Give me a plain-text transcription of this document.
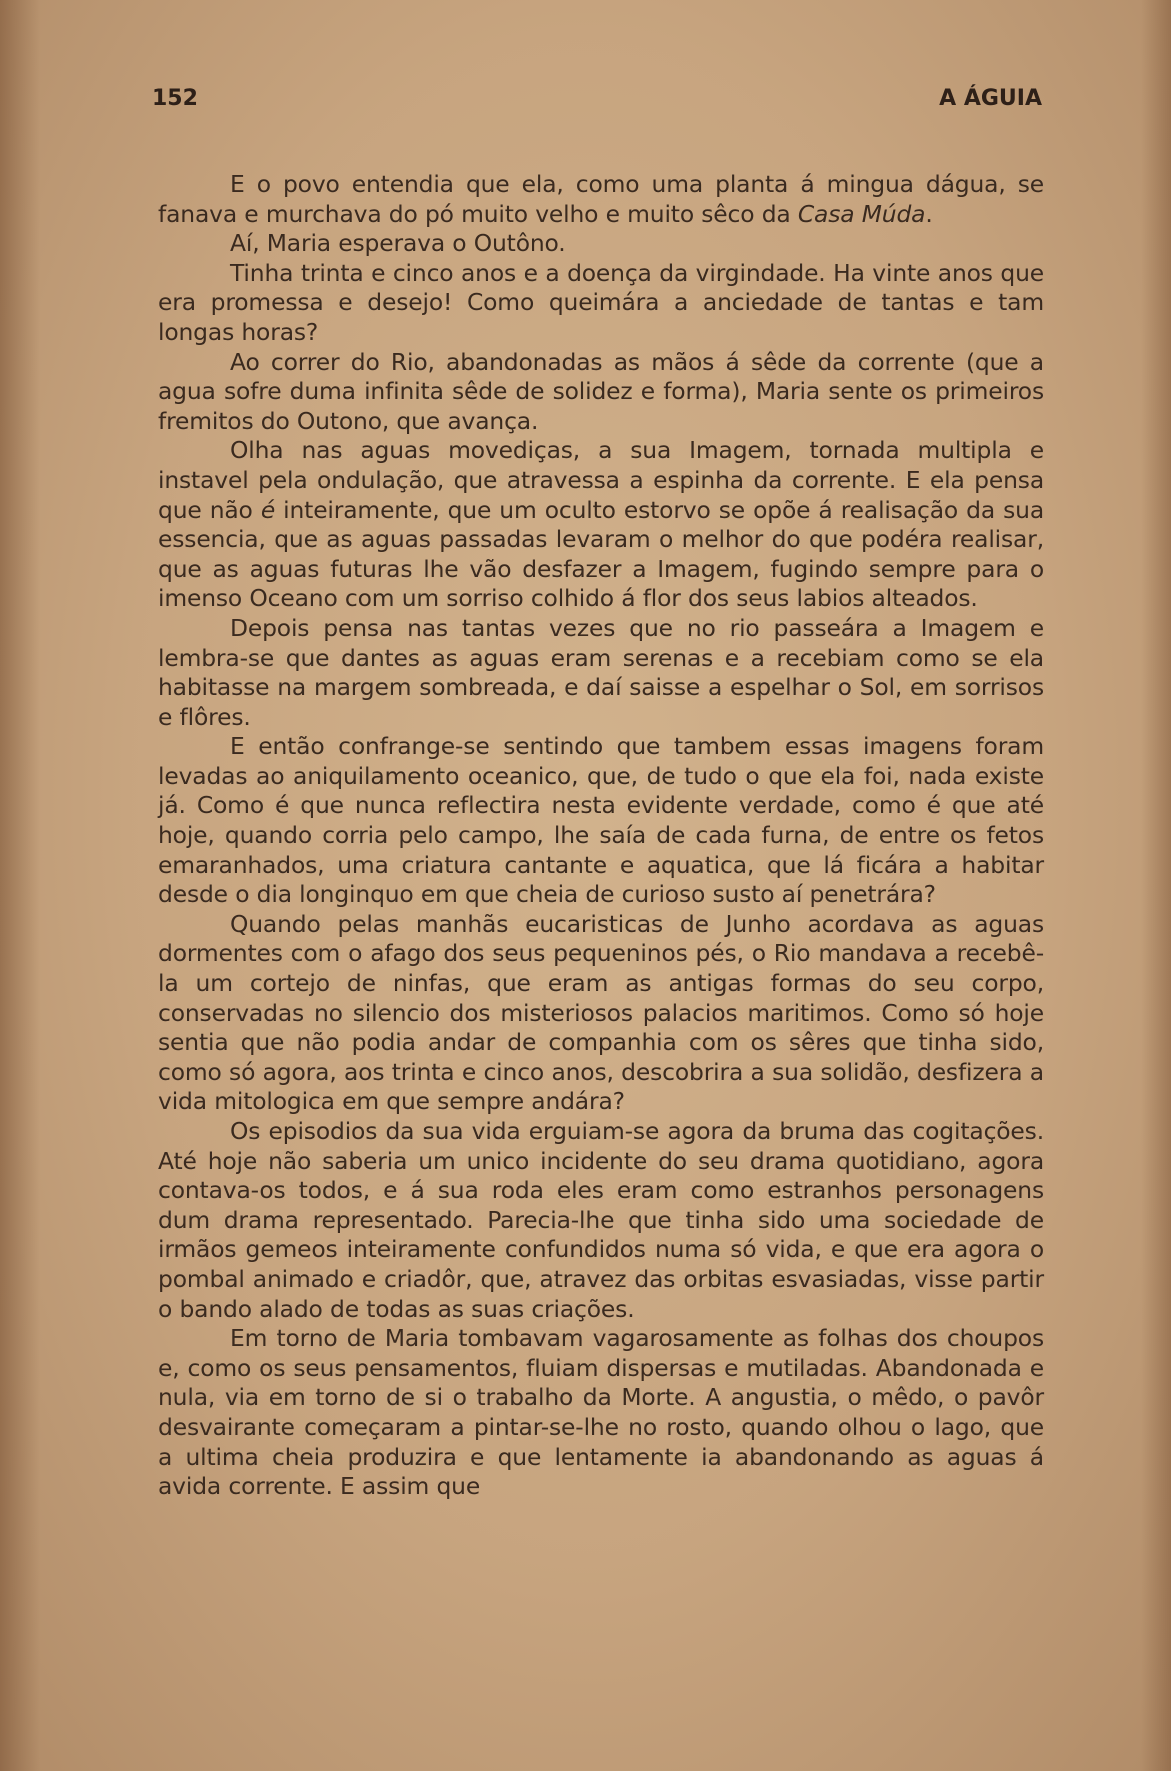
152	A ÁGUIA

E o povo entendia que ela, como uma planta á mingua dágua, se fanava e murchava do pó muito velho e muito sêco da Casa Múda.

Aí, Maria esperava o Outôno.

Tinha trinta e cinco anos e a doença da virgindade. Ha vinte anos que era promessa e desejo! Como queimára a anciedade de tantas e tam longas horas?

Ao correr do Rio, abandonadas as mãos á sêde da corrente (que a agua sofre duma infinita sêde de solidez e forma), Maria sente os primeiros fremitos do Outono, que avança.

Olha nas aguas movediças, a sua Imagem, tornada multipla e instavel pela ondulação, que atravessa a espinha da corrente. E ela pensa que não é inteiramente, que um oculto estorvo se opõe á realisação da sua essencia, que as aguas passadas levaram o melhor do que podéra realisar, que as aguas futuras lhe vão desfazer a Imagem, fugindo sempre para o imenso Oceano com um sorriso colhido á flor dos seus labios alteados.

Depois pensa nas tantas vezes que no rio passeára a Imagem e lembra-se que dantes as aguas eram serenas e a recebiam como se ela habitasse na margem sombreada, e daí saisse a espelhar o Sol, em sorrisos e flôres.

E então confrange-se sentindo que tambem essas imagens foram levadas ao aniquilamento oceanico, que, de tudo o que ela foi, nada existe já. Como é que nunca reflectira nesta evidente verdade, como é que até hoje, quando corria pelo campo, lhe saía de cada furna, de entre os fetos emaranhados, uma criatura cantante e aquatica, que lá ficára a habitar desde o dia longinquo em que cheia de curioso susto aí penetrára?

Quando pelas manhãs eucaristicas de Junho acordava as aguas dormentes com o afago dos seus pequeninos pés, o Rio mandava a recebê-la um cortejo de ninfas, que eram as antigas formas do seu corpo, conservadas no silencio dos misteriosos palacios maritimos. Como só hoje sentia que não podia andar de companhia com os sêres que tinha sido, como só agora, aos trinta e cinco anos, descobrira a sua solidão, desfizera a vida mitologica em que sempre andára?

Os episodios da sua vida erguiam-se agora da bruma das cogitações. Até hoje não saberia um unico incidente do seu drama quotidiano, agora contava-os todos, e á sua roda eles eram como estranhos personagens dum drama representado. Parecia-lhe que tinha sido uma sociedade de irmãos gemeos inteiramente confundidos numa só vida, e que era agora o pombal animado e criadôr, que, atravez das orbitas esvasiadas, visse partir o bando alado de todas as suas criações.

Em torno de Maria tombavam vagarosamente as folhas dos choupos e, como os seus pensamentos, fluiam dispersas e mutiladas. Abandonada e nula, via em torno de si o trabalho da Morte. A angustia, o mêdo, o pavôr desvairante começaram a pintar-se-lhe no rosto, quando olhou o lago, que a ultima cheia produzira e que lentamente ia abandonando as aguas á avida corrente. E assim que
